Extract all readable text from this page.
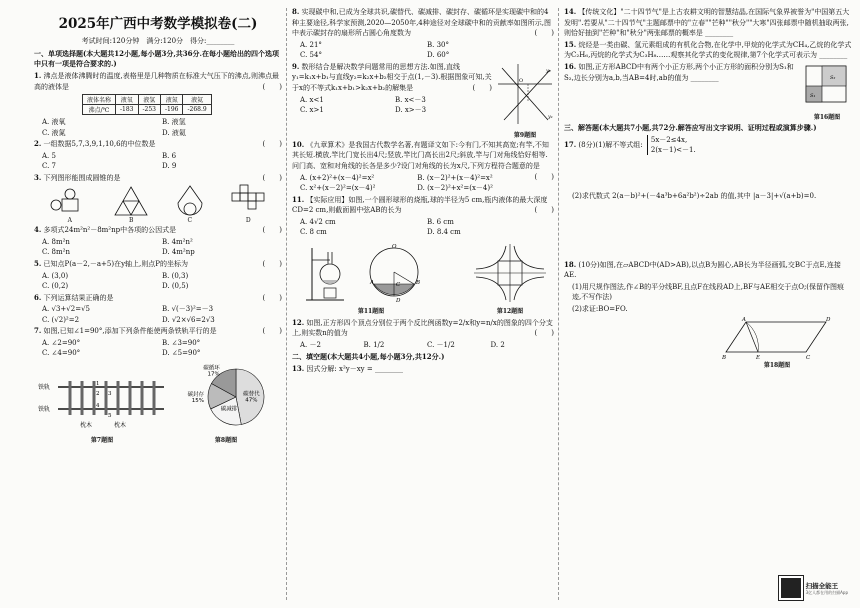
2025年广西中考数学模拟卷(二)
考试时间:120分钟　满分:120分　得分:________
一、单项选择题(本大题共12小题,每小题3分,共36分.在每小题给出的四个选项中只有一项是符合要求的.)
1. 沸点是液体沸腾时的温度,表格里是几种物质在标准大气压下的沸点,则沸点最高的液体是	(　　)
液体名称	液氧	液氢	液氮	液氦
沸点/℃	-183	-253	-196	-268.9
A. 液氧	B. 液氢
C. 液氮	D. 液氦
2. 一组数据5,7,3,9,1,10,6的中位数是	(　　)
A. 5	B. 6
C. 7	D. 9
3. 下列图形能围成圆锥的是	(　　)
A	B	C	D
4. 多项式24m²n²－8m²np中各项的公因式是	(　　)
A. 8m²n	B. 4m²n²
C. 8m²n	D. 4m²np
5. 已知点P(a－2,－a+5)在y轴上,则点P的坐标为	(　　)
A. (3,0)	B. (0,3)
C. (0,2)	D. (0,5)
6. 下列运算结果正确的是	(　　)
A. √3+√2=√5	B. √(－3)²=－3
C. (√2)²=2	D. √2×√6=2√3
7. 如图,已知∠1=90°,添加下列条件能使两条铁轨平行的是	(　　)
A. ∠2=90°	B. ∠3=90°
C. ∠4=90°	D. ∠5=90°
铁轨
铁轨
1
2 3
4
5
枕木	枕木
第7题图
碳替代 47%
碳减排
碳封存 15%
碳循环 17%
第8题图
8. 实现碳中和,已成为全球共识,碳替代、碳减排、碳封存、碳循环是实现碳中和的4种主要途径,科学家预测,2020—2050年,4种途径对全球碳中和的贡献率如图所示,图中表示碳封存的扇形所占圆心角度数为	(　　)
A. 21°	B. 30°
C. 54°	D. 60°
y₂
y₁
O
第9题图
9. 数形结合是解决数学问题常用的思想方法.如图,直线y₁=k₁x+b₁与直线y₂=k₂x+b₂相交于点(1,－3).根据图象可知,关于x的不等式k₁x+b₁>k₂x+b₂的解集是	(　　)
A. x<1	B. x<－3
C. x>1	D. x>－3
10. 《九章算术》是我国古代数学名著,有题译文如下:今有门,不知其高宽;有竿,不知其长短.横放,竿比门宽长出4尺;竖放,竿比门高长出2尺;斜放,竿与门对角线恰好相等.问门高、宽和对角线的长各是多少?设门对角线的长为x尺,下列方程符合题意的是
(　　)
A. (x+2)²+(x－4)²=x²	B. (x－2)²+(x－4)²=x²
C. x²+(x－2)²=(x－4)²	D. (x－2)²+x²=(x－4)²
11. 【实际应用】如图,一个圆形球形的烧瓶,球的半径为5 cm,瓶内液体的最大深度CD=2 cm,则截面圆中弦AB的长为	(　　)
A. 4√2 cm	B. 6 cm
C. 8 cm	D. 8.4 cm
O
A	B
C
D
第11题图	第12题图
12. 如图,正方形四个顶点分别位于两个反比例函数y=2/x和y=n/x的图象的四个分支上,则实数n的值为	(　　)
A. －2	B. 1/2	C. －1/2	D. 2
二、填空题(本大题共4小题,每小题3分,共12分.)
13. 因式分解: x²y－xy = ________
14. 【传统文化】"二十四节气"是上古农耕文明的智慧结晶,在国际气象界被誉为"中国第五大发明".若要从"二十四节气"主题邮票中的"立春""芒种""秋分""大寒"四张邮票中随机抽取两张,则恰好抽到"芒种"和"秋分"两张邮票的概率是 ________
15. 烷烃是一类由碳、氢元素组成的有机化合物,在化学中,甲烷的化学式为CH₄,乙烷的化学式为C₂H₆,丙烷的化学式为C₃H₈……观察其化学式的变化规律,第7个化学式可表示为 ________
S₁
S₂
第16题图
16. 如图,正方形ABCD中有两个小正方形,两个小正方形的面积分别为S₁和S₂,边长分别为a,b,当AB=4时,ab的值为 ________
三、解答题(本大题共7小题,共72分.解答应写出文字说明、证明过程或演算步骤.)
17. (8分)(1)解不等式组: 5x－2≤4x,
2(x－1)<－1.
(2)求代数式 2(a－b)²+(－4a³b+6a²b²)÷2ab 的值,其中 |a－3|+√(a+b)=0.
18. (10分)如图,在▱ABCD中(AD>AB),以点B为圆心,AB长为半径画弧,交BC于点E,连接AE.
(1)用尺规作图法,作∠B的平分线BF,且点F在线段AD上,BF与AE相交于点O;(保留作图痕迹,不写作法)
(2)求证:BO=FO.
A	D
B	E	C
第18题图
扫描全能王
3亿人都在用的扫描App
